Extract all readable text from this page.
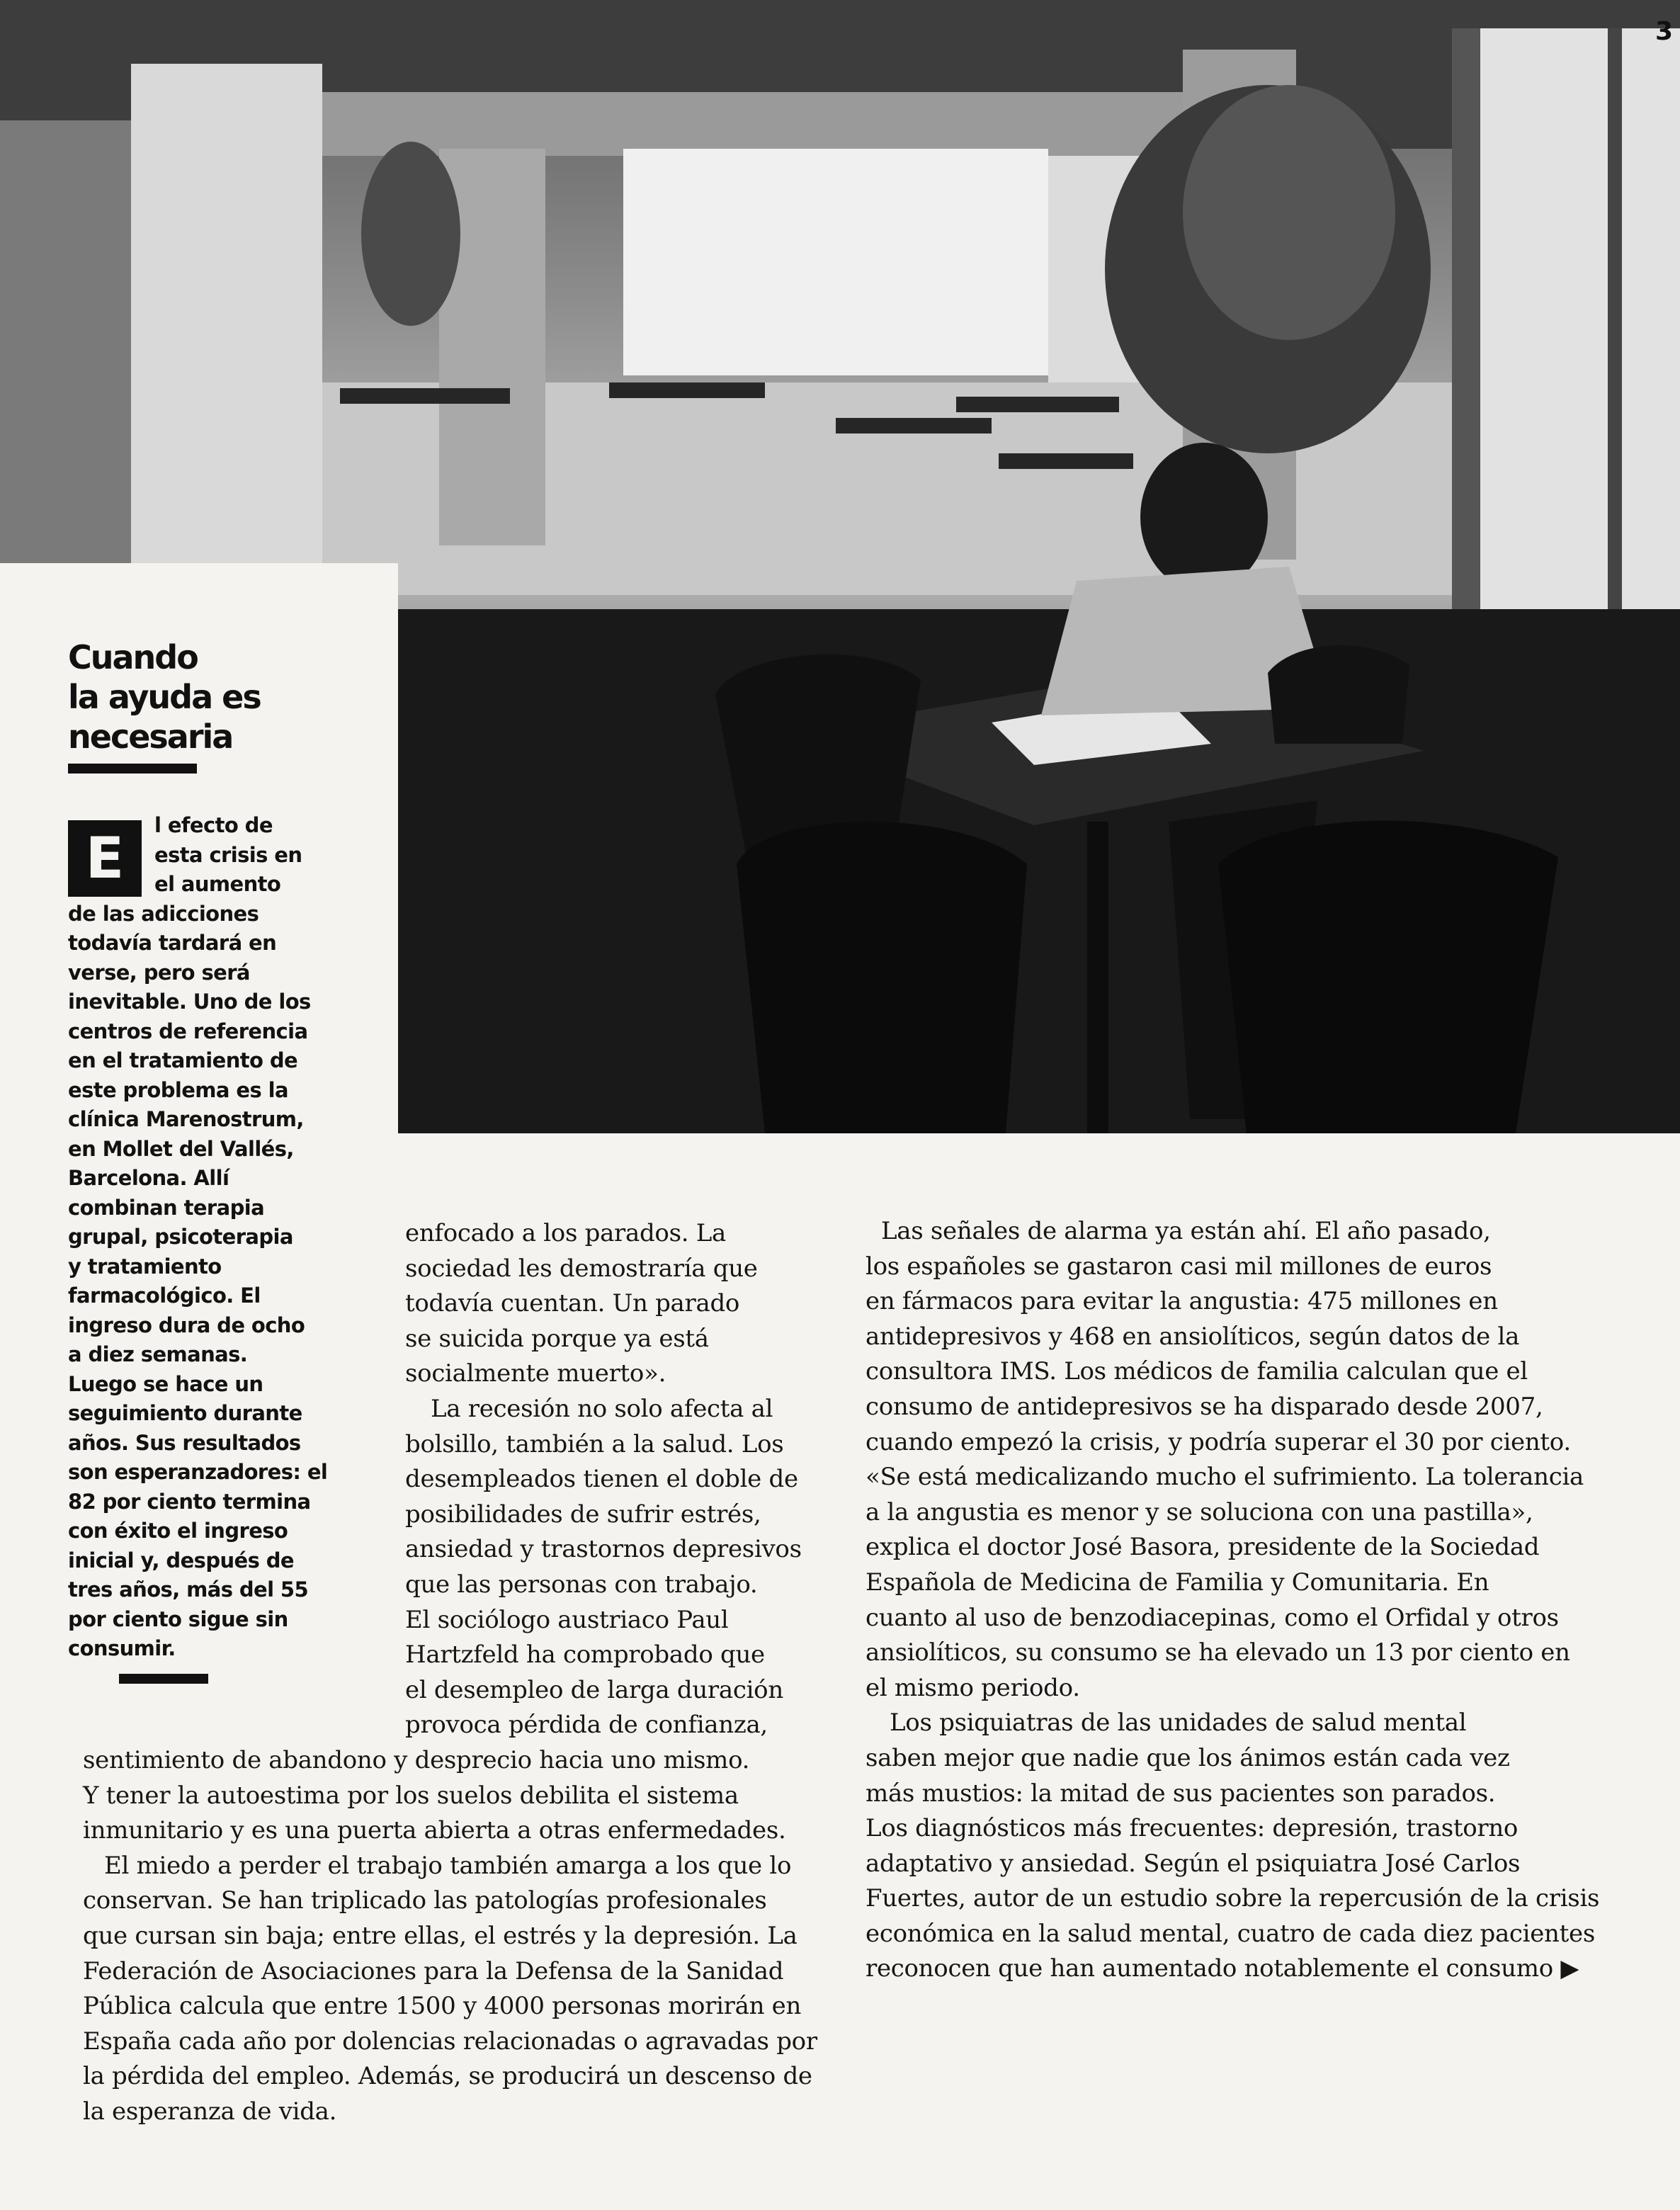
3
Cuando
la ayuda es
necesaria
E	l efecto de
esta crisis en
el aumento
de las adicciones
todavía tardará en
verse, pero será
inevitable. Uno de los
centros de referencia
en el tratamiento de
este problema es la
clínica Marenostrum,
en Mollet del Vallés,
Barcelona. Allí
combinan terapia
grupal, psicoterapia
y tratamiento
farmacológico. El
ingreso dura de ocho
a diez semanas.
Luego se hace un
seguimiento durante
años. Sus resultados
son esperanzadores: el
82 por ciento termina
con éxito el ingreso
inicial y, después de
tres años, más del 55
por ciento sigue sin
consumir.
enfocado a los parados. La
sociedad les demostraría que
todavía cuentan. Un parado
se suicida porque ya está
socialmente muerto».
La recesión no solo afecta al
bolsillo, también a la salud. Los
desempleados tienen el doble de
posibilidades de sufrir estrés,
ansiedad y trastornos depresivos
que las personas con trabajo.
El sociólogo austriaco Paul
Hartzfeld ha comprobado que
el desempleo de larga duración
provoca pérdida de confianza,
sentimiento de abandono y desprecio hacia uno mismo.
Y tener la autoestima por los suelos debilita el sistema
inmunitario y es una puerta abierta a otras enfermedades.
El miedo a perder el trabajo también amarga a los que lo
conservan. Se han triplicado las patologías profesionales
que cursan sin baja; entre ellas, el estrés y la depresión. La
Federación de Asociaciones para la Defensa de la Sanidad
Pública calcula que entre 1500 y 4000 personas morirán en
España cada año por dolencias relacionadas o agravadas por
la pérdida del empleo. Además, se producirá un descenso de
la esperanza de vida.
Las señales de alarma ya están ahí. El año pasado,
los españoles se gastaron casi mil millones de euros
en fármacos para evitar la angustia: 475 millones en
antidepresivos y 468 en ansiolíticos, según datos de la
consultora IMS. Los médicos de familia calculan que el
consumo de antidepresivos se ha disparado desde 2007,
cuando empezó la crisis, y podría superar el 30 por ciento.
«Se está medicalizando mucho el sufrimiento. La tolerancia
a la angustia es menor y se soluciona con una pastilla»,
explica el doctor José Basora, presidente de la Sociedad
Española de Medicina de Familia y Comunitaria. En
cuanto al uso de benzodiacepinas, como el Orfidal y otros
ansiolíticos, su consumo se ha elevado un 13 por ciento en
el mismo periodo.
Los psiquiatras de las unidades de salud mental
saben mejor que nadie que los ánimos están cada vez
más mustios: la mitad de sus pacientes son parados.
Los diagnósticos más frecuentes: depresión, trastorno
adaptativo y ansiedad. Según el psiquiatra José Carlos
Fuertes, autor de un estudio sobre la repercusión de la crisis
económica en la salud mental, cuatro de cada diez pacientes
reconocen que han aumentado notablemente el consumo ▶
